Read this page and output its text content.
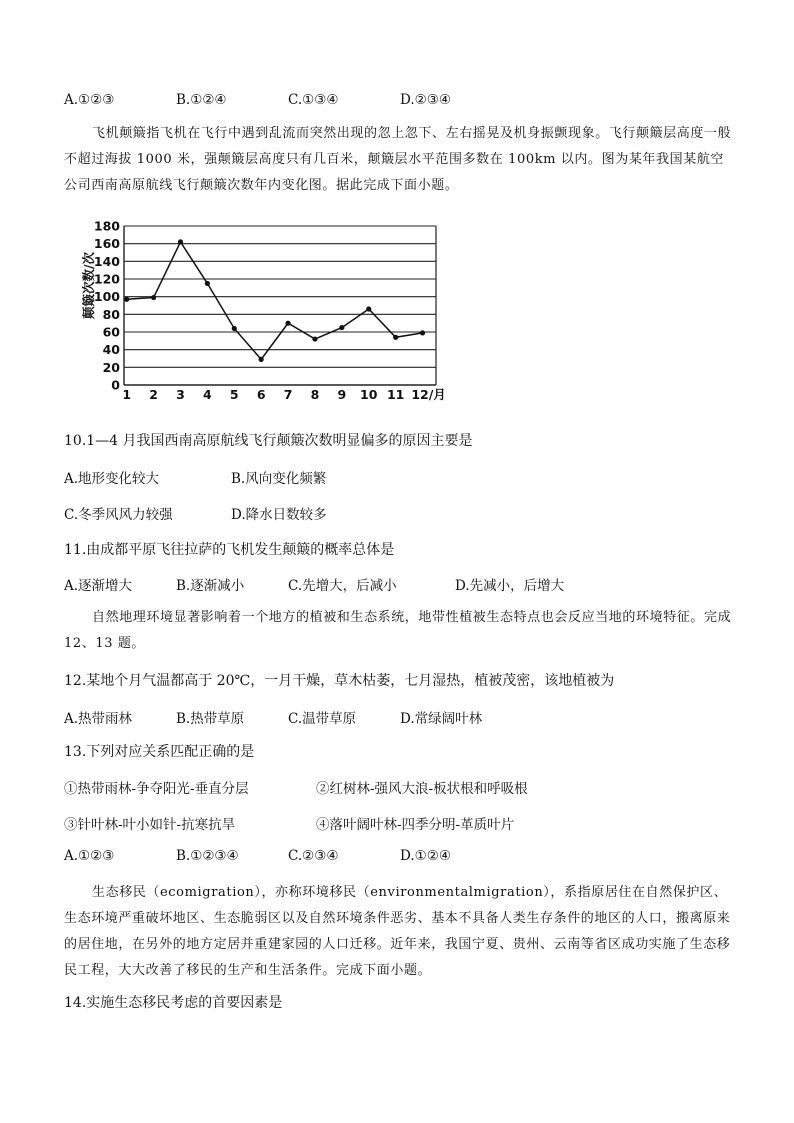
A.①②③	B.①②④	C.①③④	D.②③④
飞机颠簸指飞机在飞行中遇到乱流而突然出现的忽上忽下、左右摇晃及机身振颤现象。飞行颠簸层高度一般不超过海拔 1000 米，强颠簸层高度只有几百米，颠簸层水平范围多数在 100km 以内。图为某年我国某航空公司西南高原航线飞行颠簸次数年内变化图。据此完成下面小题。
0
20
40
60
80
100
120
140
160
180
颠簸次数/次
1 2 3 4 5 6 7 8 9 10 11 12/月
10.1—4 月我国西南高原航线飞行颠簸次数明显偏多的原因主要是
A.地形变化较大	B.风向变化频繁
C.冬季风风力较强	D.降水日数较多
11.由成都平原飞往拉萨的飞机发生颠簸的概率总体是
A.逐渐增大	B.逐渐减小	C.先增大，后减小	D.先减小，后增大
自然地理环境显著影响着一个地方的植被和生态系统，地带性植被生态特点也会反应当地的环境特征。完成 12、13 题。
12.某地个月气温都高于 20℃，一月干燥，草木枯萎，七月湿热，植被茂密，该地植被为
A.热带雨林	B.热带草原	C.温带草原	D.常绿阔叶林
13.下列对应关系匹配正确的是
①热带雨林-争夺阳光-垂直分层	②红树林-强风大浪-板状根和呼吸根
③针叶林-叶小如针-抗寒抗旱	④落叶阔叶林-四季分明-革质叶片
A.①②③	B.①②③④	C.②③④	D.①②④
生态移民（ecomigration），亦称环境移民（environmentalmigration），系指原居住在自然保护区、生态环境严重破坏地区、生态脆弱区以及自然环境条件恶劣、基本不具备人类生存条件的地区的人口，搬离原来的居住地，在另外的地方定居并重建家园的人口迁移。近年来，我国宁夏、贵州、云南等省区成功实施了生态移民工程，大大改善了移民的生产和生活条件。完成下面小题。
14.实施生态移民考虑的首要因素是
